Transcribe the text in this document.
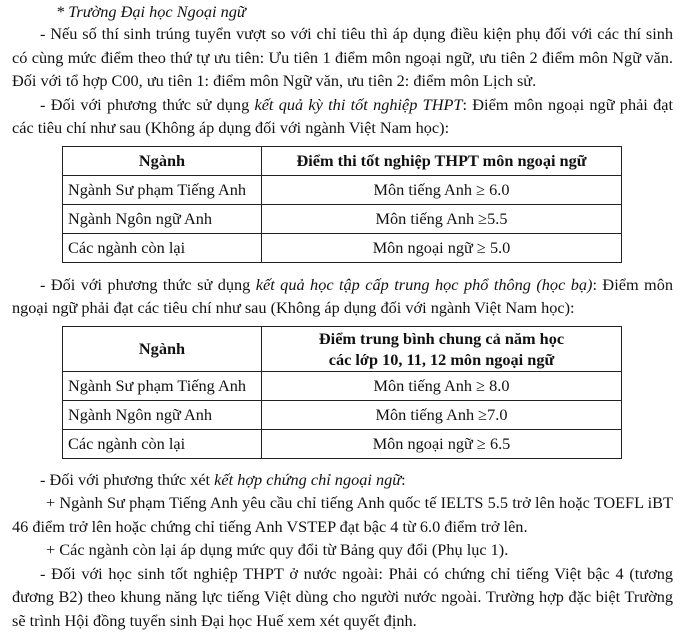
* Trường Đại học Ngoại ngữ

- Nếu số thí sinh trúng tuyển vượt so với chỉ tiêu thì áp dụng điều kiện phụ đối với các thí sinh có cùng mức điểm theo thứ tự ưu tiên: Ưu tiên 1 điểm môn ngoại ngữ, ưu tiên 2 điểm môn Ngữ văn. Đối với tổ hợp C00, ưu tiên 1: điểm môn Ngữ văn, ưu tiên 2: điểm môn Lịch sử.

- Đối với phương thức sử dụng kết quả kỳ thi tốt nghiệp THPT: Điểm môn ngoại ngữ phải đạt các tiêu chí như sau (Không áp dụng đối với ngành Việt Nam học):

Ngành	Điểm thi tốt nghiệp THPT môn ngoại ngữ
Ngành Sư phạm Tiếng Anh	Môn tiếng Anh ≥ 6.0
Ngành Ngôn ngữ Anh	Môn tiếng Anh ≥5.5
Các ngành còn lại	Môn ngoại ngữ ≥ 5.0

- Đối với phương thức sử dụng kết quả học tập cấp trung học phổ thông (học bạ): Điểm môn ngoại ngữ phải đạt các tiêu chí như sau (Không áp dụng đối với ngành Việt Nam học):

Ngành	Điểm trung bình chung cả năm học
các lớp 10, 11, 12 môn ngoại ngữ
Ngành Sư phạm Tiếng Anh	Môn tiếng Anh ≥ 8.0
Ngành Ngôn ngữ Anh	Môn tiếng Anh ≥7.0
Các ngành còn lại	Môn ngoại ngữ ≥ 6.5

- Đối với phương thức xét kết hợp chứng chỉ ngoại ngữ:

+ Ngành Sư phạm Tiếng Anh yêu cầu chỉ tiếng Anh quốc tế IELTS 5.5 trở lên hoặc TOEFL iBT 46 điểm trở lên hoặc chứng chỉ tiếng Anh VSTEP đạt bậc 4 từ 6.0 điểm trở lên.

+ Các ngành còn lại áp dụng mức quy đổi từ Bảng quy đổi (Phụ lục 1).

- Đối với học sinh tốt nghiệp THPT ở nước ngoài: Phải có chứng chỉ tiếng Việt bậc 4 (tương đương B2) theo khung năng lực tiếng Việt dùng cho người nước ngoài. Trường hợp đặc biệt Trường sẽ trình Hội đồng tuyển sinh Đại học Huế xem xét quyết định.
